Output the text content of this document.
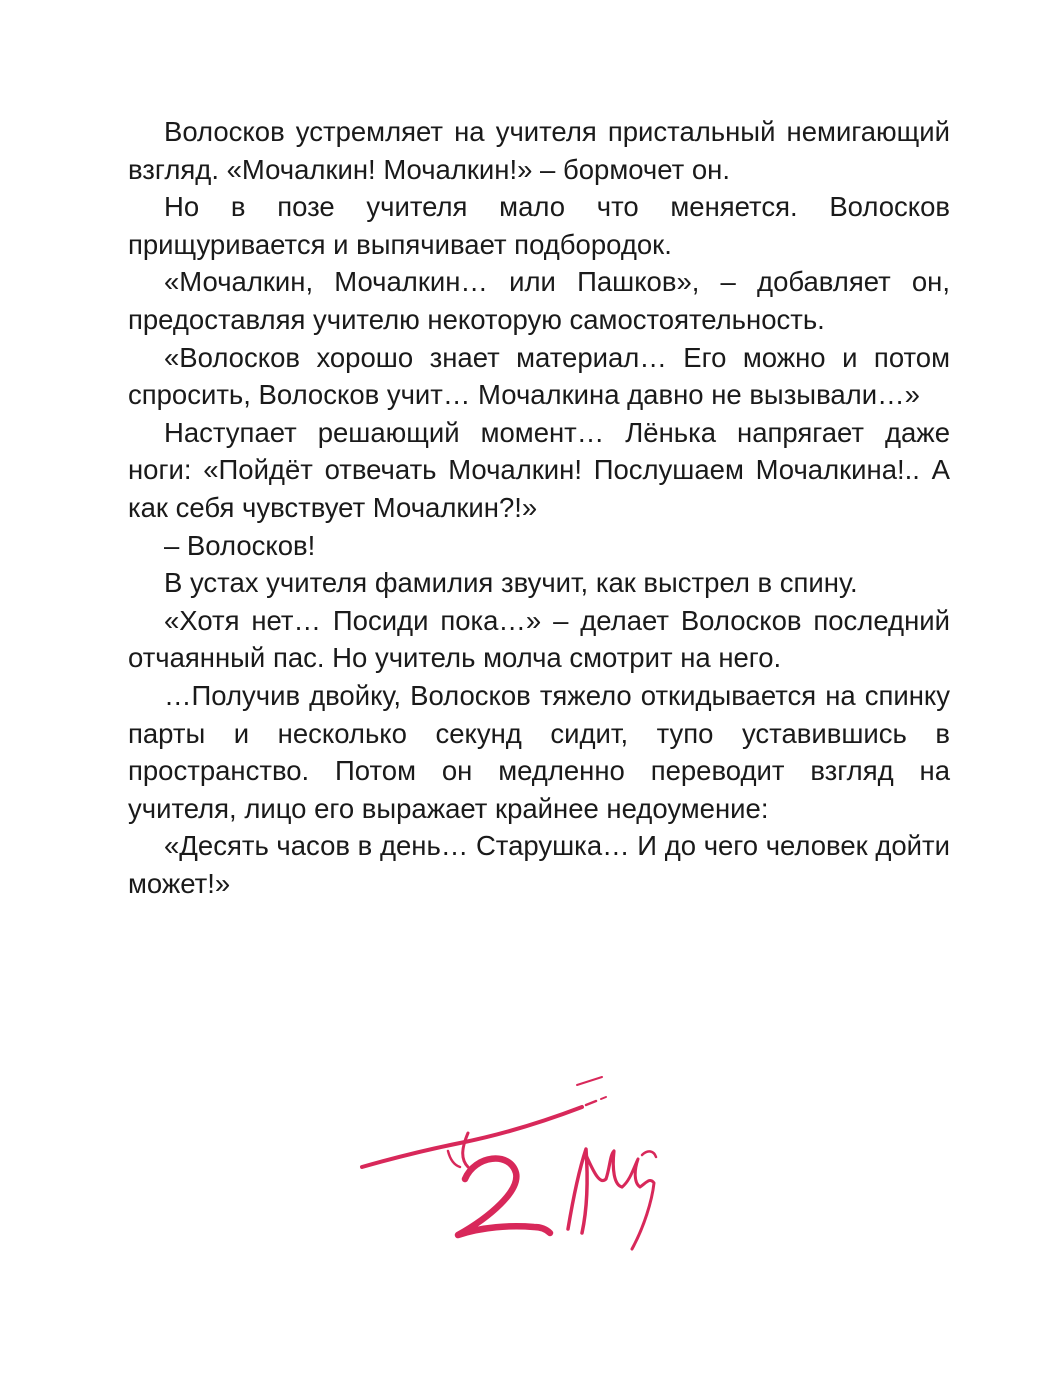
Волосков устремляет на учителя пристальный немигающий взгляд. «Мочалкин! Мочалкин!» – бормочет он.

Но в позе учителя мало что меняется. Волосков прищуривается и выпячивает подбородок.

«Мочалкин, Мочалкин… или Пашков», – добавляет он, предоставляя учителю некоторую самостоятельность.

«Волосков хорошо знает материал… Его можно и потом спросить, Волосков учит… Мочалкина давно не вызывали…»

Наступает решающий момент… Лёнька напрягает даже ноги: «Пойдёт отвечать Мочалкин! Послушаем Мочалкина!.. А как себя чувствует Мочалкин?!»

– Волосков!

В устах учителя фамилия звучит, как выстрел в спину.

«Хотя нет… Посиди пока…» – делает Волосков последний отчаянный пас. Но учитель молча смотрит на него.

…Получив двойку, Волосков тяжело откидывается на спинку парты и несколько секунд сидит, тупо уставившись в пространство. Потом он медленно переводит взгляд на учителя, лицо его выражает крайнее недоумение:

«Десять часов в день… Старушка… И до чего человек дойти может!»
